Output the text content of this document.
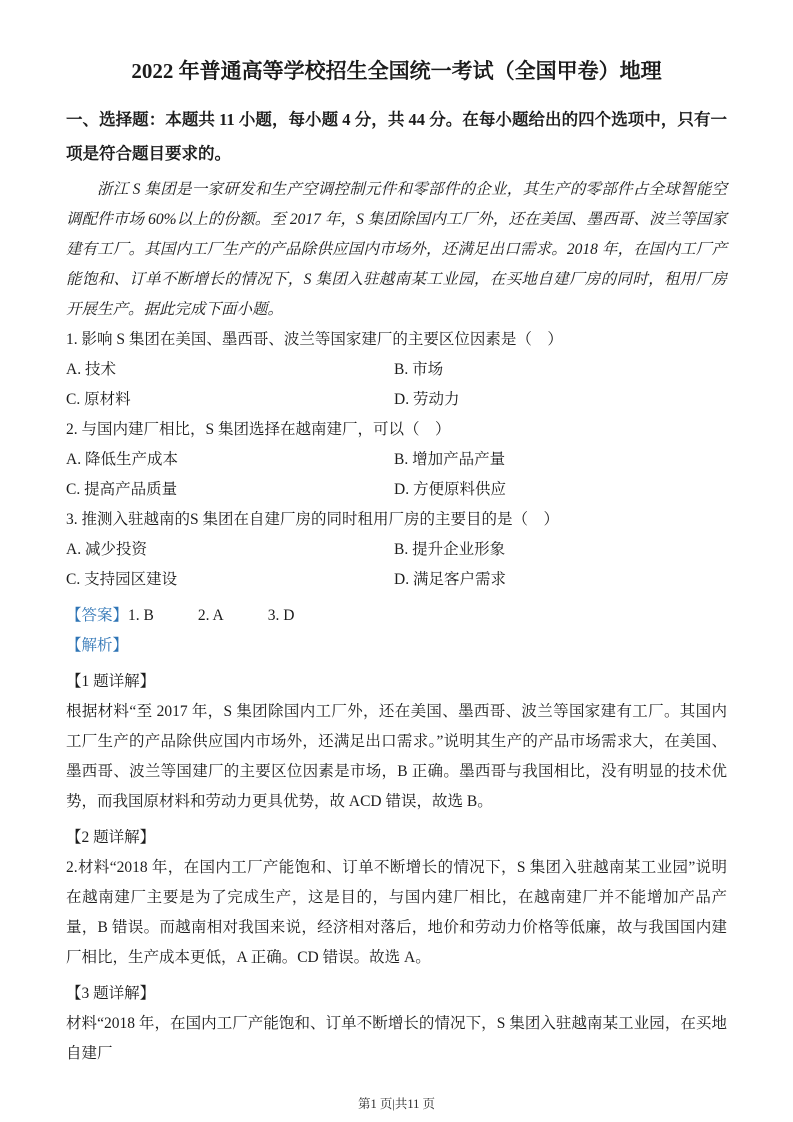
2022 年普通高等学校招生全国统一考试（全国甲卷）地理

一、选择题：本题共 11 小题，每小题 4 分，共 44 分。在每小题给出的四个选项中，只有一项是符合题目要求的。

浙江 S 集团是一家研发和生产空调控制元件和零部件的企业，其生产的零部件占全球智能空调配件市场 60%以上的份额。至 2017 年，S 集团除国内工厂外，还在美国、墨西哥、波兰等国家建有工厂。其国内工厂生产的产品除供应国内市场外，还满足出口需求。2018 年，在国内工厂产能饱和、订单不断增长的情况下，S 集团入驻越南某工业园，在买地自建厂房的同时，租用厂房开展生产。据此完成下面小题。

1. 影响 S 集团在美国、墨西哥、波兰等国家建厂的主要区位因素是（　）

A. 技术	B. 市场

C. 原材料	D. 劳动力

2. 与国内建厂相比，S 集团选择在越南建厂，可以（　）

A. 降低生产成本	B. 增加产品产量

C. 提高产品质量	D. 方便原料供应

3. 推测入驻越南的S 集团在自建厂房的同时租用厂房的主要目的是（　）

A. 减少投资	B. 提升企业形象

C. 支持园区建设	D. 满足客户需求

【答案】1. B	2. A	3. D

【解析】

【1 题详解】

根据材料“至 2017 年，S 集团除国内工厂外，还在美国、墨西哥、波兰等国家建有工厂。其国内工厂生产的产品除供应国内市场外，还满足出口需求。”说明其生产的产品市场需求大，在美国、墨西哥、波兰等国建厂的主要区位因素是市场，B 正确。墨西哥与我国相比，没有明显的技术优势，而我国原材料和劳动力更具优势，故 ACD 错误，故选 B。

【2 题详解】

2.材料“2018 年，在国内工厂产能饱和、订单不断增长的情况下，S 集团入驻越南某工业园”说明在越南建厂主要是为了完成生产，这是目的，与国内建厂相比，在越南建厂并不能增加产品产量，B 错误。而越南相对我国来说，经济相对落后，地价和劳动力价格等低廉，故与我国国内建厂相比，生产成本更低，A 正确。CD 错误。故选 A。

【3 题详解】

材料“2018 年，在国内工厂产能饱和、订单不断增长的情况下，S 集团入驻越南某工业园，在买地自建厂

第1 页|共11 页
